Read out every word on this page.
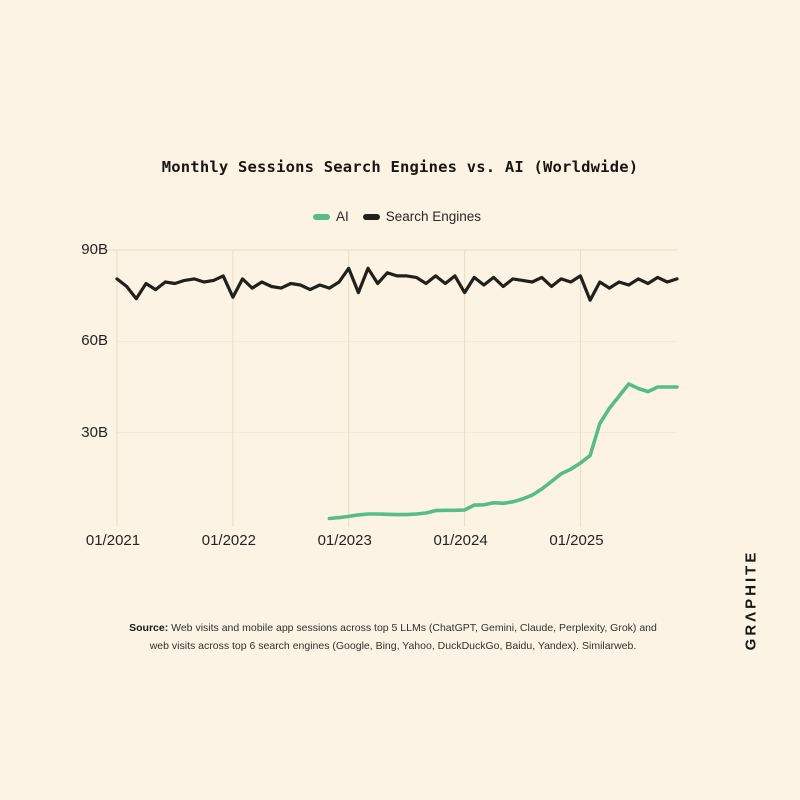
Monthly Sessions Search Engines vs. AI (Worldwide)
AI	Search Engines
90B
60B
30B
01/2021	01/2022	01/2023	01/2024	01/2025
Source: Web visits and mobile app sessions across top 5 LLMs (ChatGPT, Gemini, Claude, Perplexity, Grok) and web visits across top 6 search engines (Google, Bing, Yahoo, DuckDuckGo, Baidu, Yandex). Similarweb.	GRΛPHITE
